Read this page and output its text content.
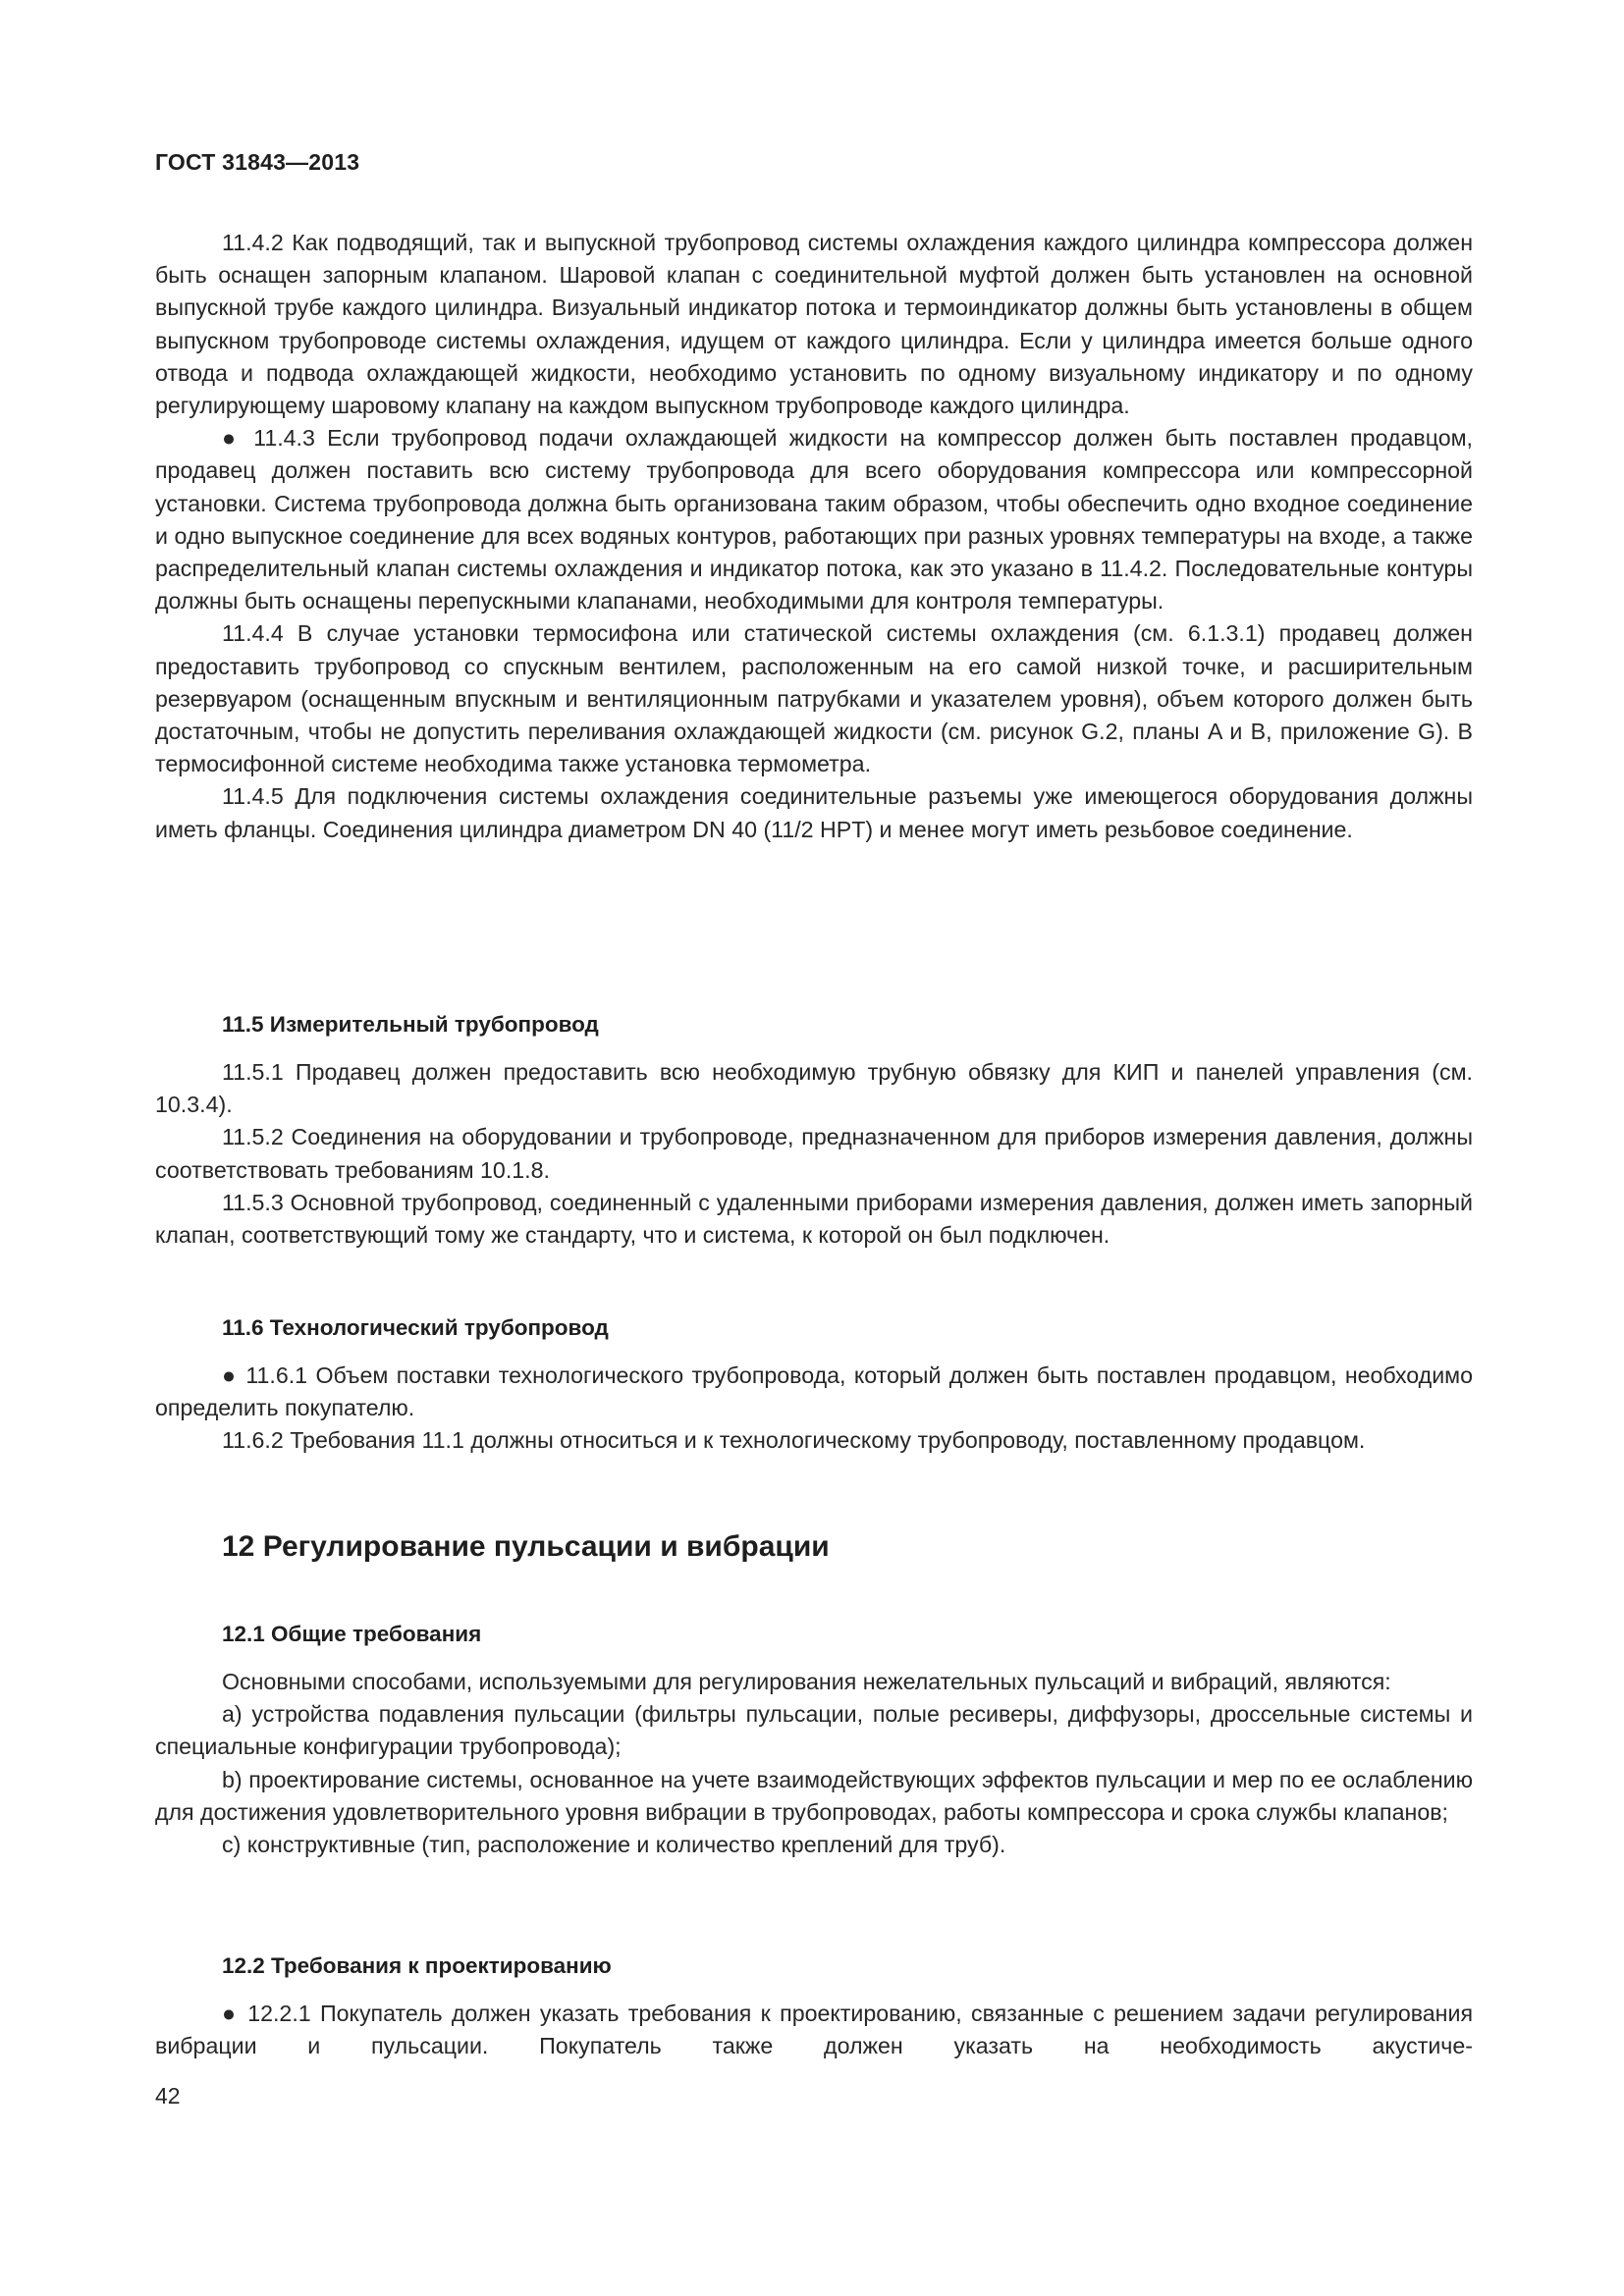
ГОСТ 31843—2013

11.4.2 Как подводящий, так и выпускной трубопровод системы охлаждения каждого цилиндра компрессора должен быть оснащен запорным клапаном. Шаровой клапан с соединительной муфтой должен быть установлен на основной выпускной трубе каждого цилиндра. Визуальный индикатор потока и термоиндикатор должны быть установлены в общем выпускном трубопроводе системы охлаждения, идущем от каждого цилиндра. Если у цилиндра имеется больше одного отвода и подвода охлаждающей жидкости, необходимо установить по одному визуальному индикатору и по одному регулирующему шаровому клапану на каждом выпускном трубопроводе каждого цилиндра.

● 11.4.3 Если трубопровод подачи охлаждающей жидкости на компрессор должен быть поставлен продавцом, продавец должен поставить всю систему трубопровода для всего оборудования компрессора или компрессорной установки. Система трубопровода должна быть организована таким образом, чтобы обеспечить одно входное соединение и одно выпускное соединение для всех водяных контуров, работающих при разных уровнях температуры на входе, а также распределительный клапан системы охлаждения и индикатор потока, как это указано в 11.4.2. Последовательные контуры должны быть оснащены перепускными клапанами, необходимыми для контроля температуры.

11.4.4 В случае установки термосифона или статической системы охлаждения (см. 6.1.3.1) продавец должен предоставить трубопровод со спускным вентилем, расположенным на его самой низкой точке, и расширительным резервуаром (оснащенным впускным и вентиляционным патрубками и указателем уровня), объем которого должен быть достаточным, чтобы не допустить переливания охлаждающей жидкости (см. рисунок G.2, планы A и B, приложение G). В термосифонной системе необходима также установка термометра.

11.4.5 Для подключения системы охлаждения соединительные разъемы уже имеющегося оборудования должны иметь фланцы. Соединения цилиндра диаметром DN 40 (11/2 HPT) и менее могут иметь резьбовое соединение.

11.5 Измерительный трубопровод

11.5.1 Продавец должен предоставить всю необходимую трубную обвязку для КИП и панелей управления (см. 10.3.4).

11.5.2 Соединения на оборудовании и трубопроводе, предназначенном для приборов измерения давления, должны соответствовать требованиям 10.1.8.

11.5.3 Основной трубопровод, соединенный с удаленными приборами измерения давления, должен иметь запорный клапан, соответствующий тому же стандарту, что и система, к которой он был подключен.

11.6 Технологический трубопровод

● 11.6.1 Объем поставки технологического трубопровода, который должен быть поставлен продавцом, необходимо определить покупателю.

11.6.2 Требования 11.1 должны относиться и к технологическому трубопроводу, поставленному продавцом.

12 Регулирование пульсации и вибрации

12.1 Общие требования

Основными способами, используемыми для регулирования нежелательных пульсаций и вибраций, являются:

a) устройства подавления пульсации (фильтры пульсации, полые ресиверы, диффузоры, дроссельные системы и специальные конфигурации трубопровода);

b) проектирование системы, основанное на учете взаимодействующих эффектов пульсации и мер по ее ослаблению для достижения удовлетворительного уровня вибрации в трубопроводах, работы компрессора и срока службы клапанов;

c) конструктивные (тип, расположение и количество креплений для труб).

12.2 Требования к проектированию

● 12.2.1 Покупатель должен указать требования к проектированию, связанные с решением задачи регулирования вибрации и пульсации. Покупатель также должен указать на необходимость акустиче-

42
